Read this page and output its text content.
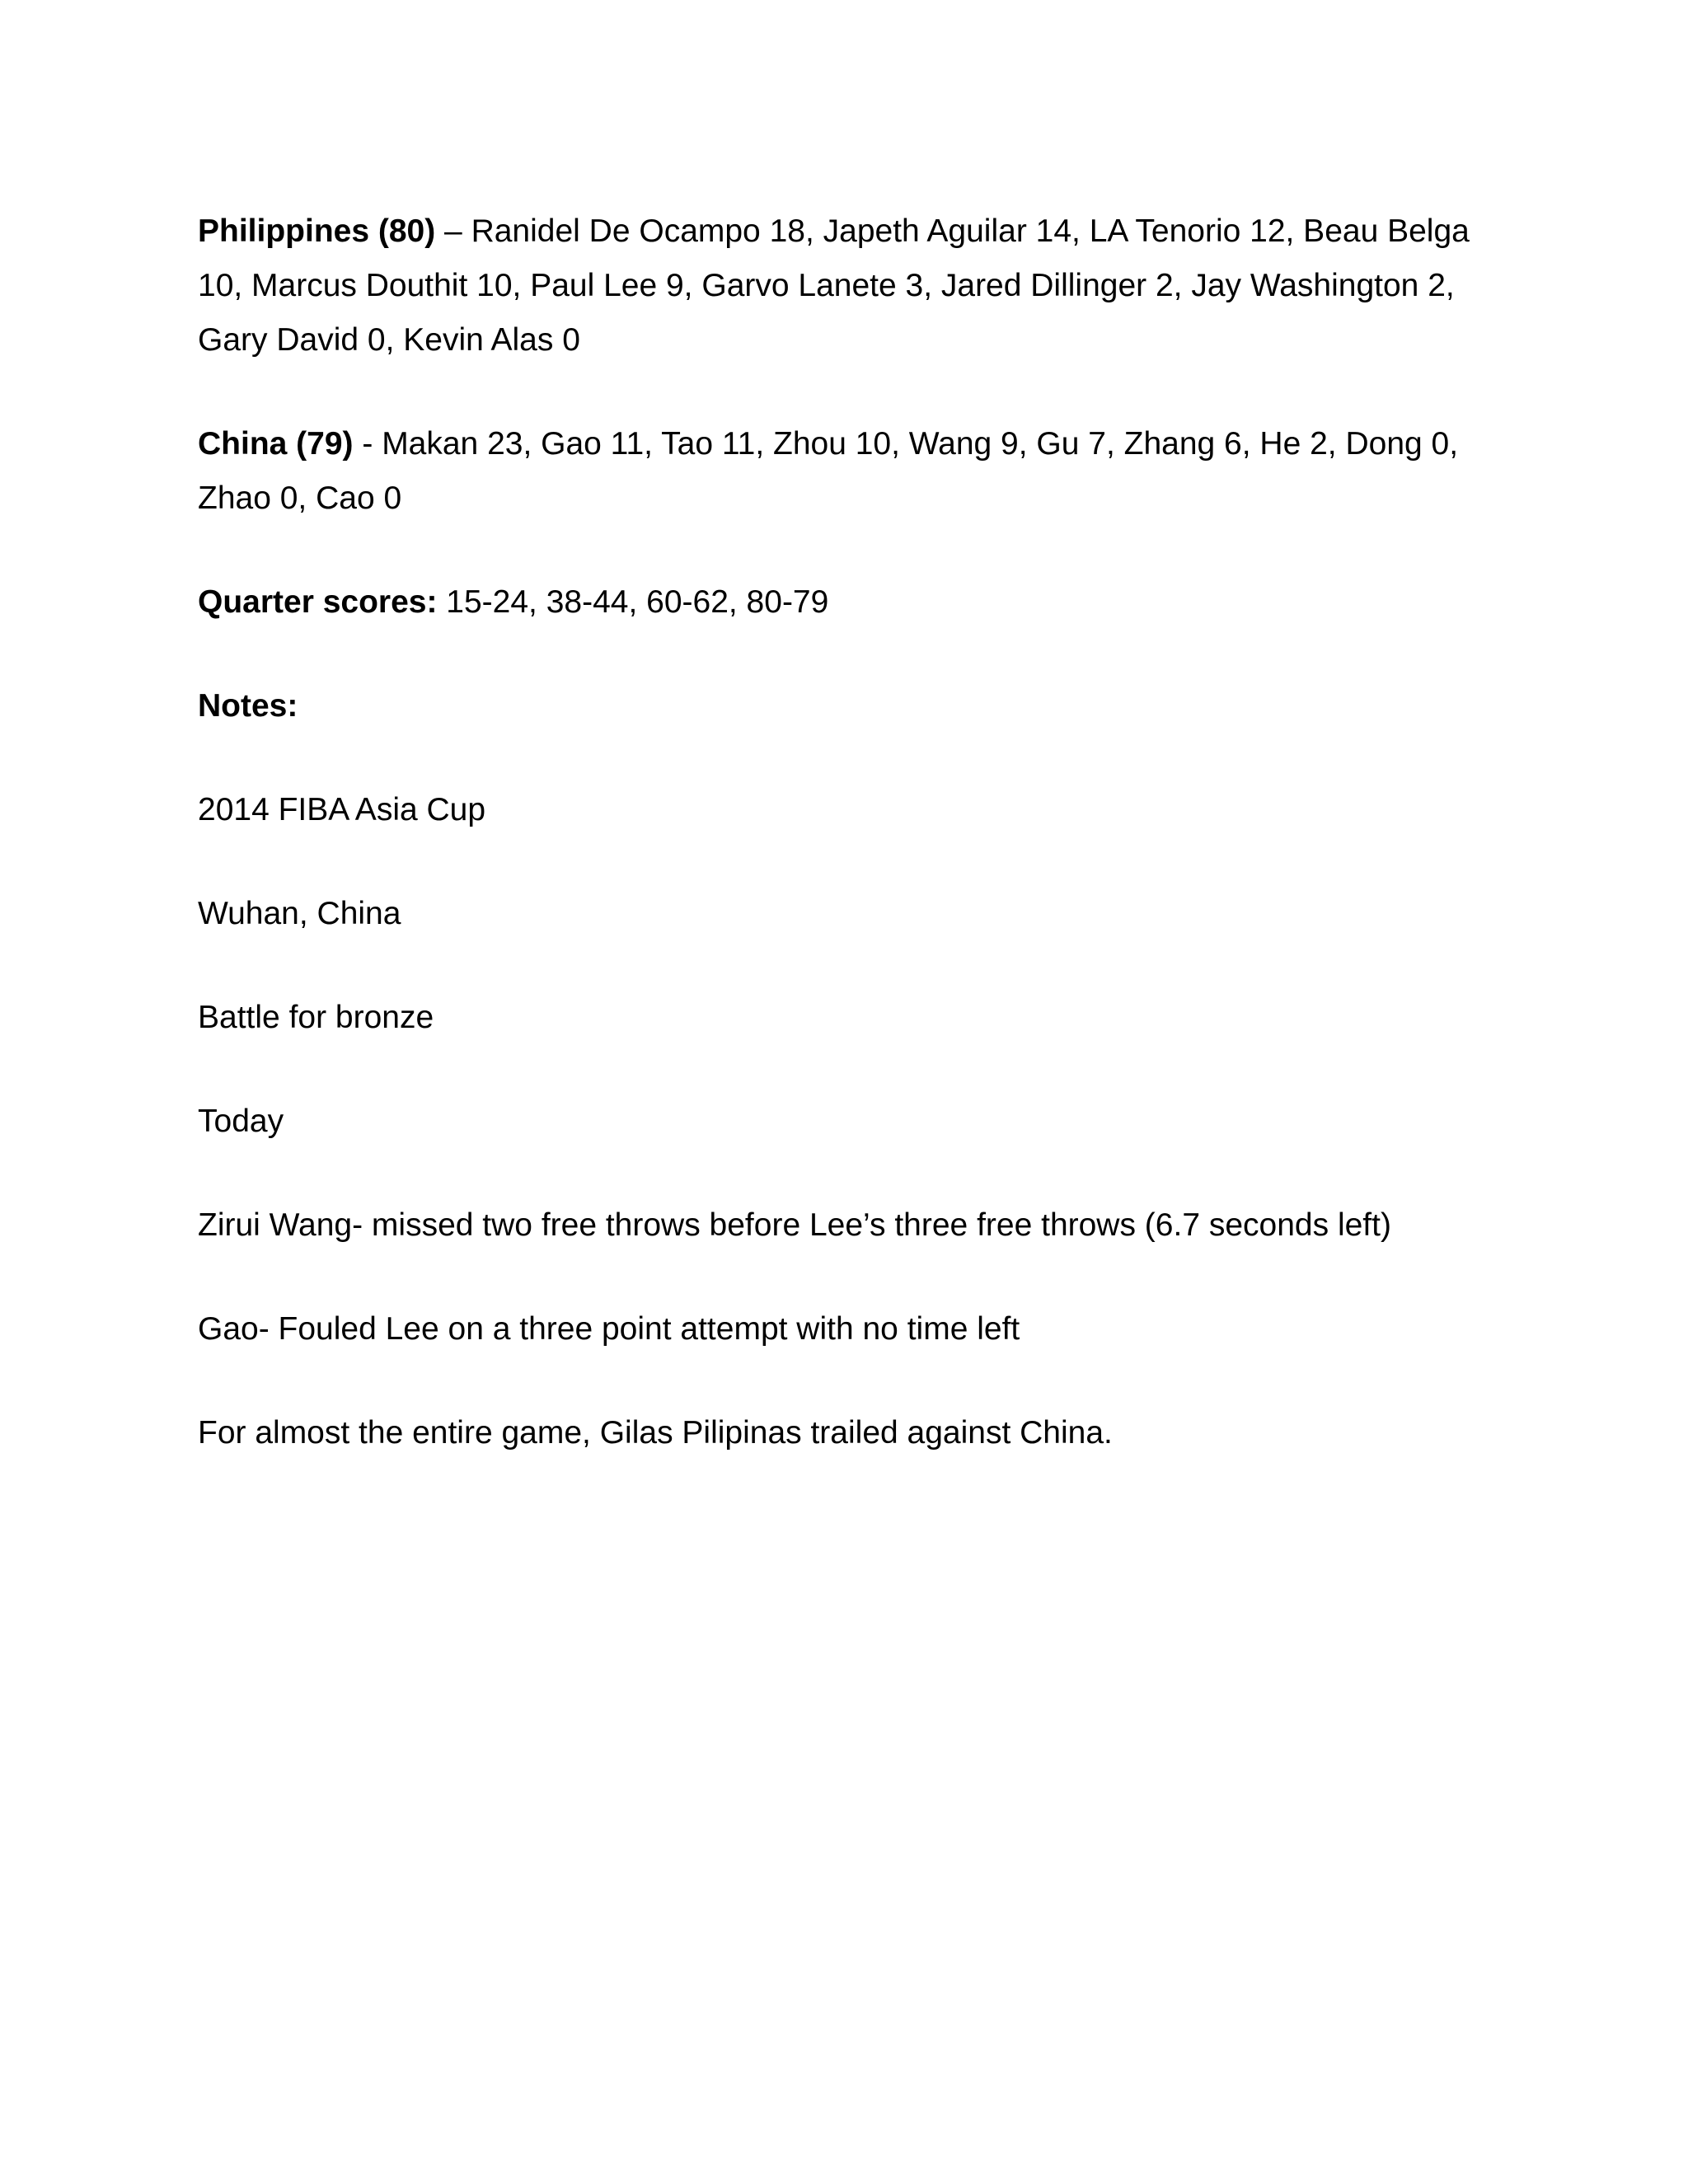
Philippines (80) – Ranidel De Ocampo 18, Japeth Aguilar 14, LA Tenorio 12, Beau Belga 10, Marcus Douthit 10, Paul Lee 9, Garvo Lanete 3, Jared Dillinger 2, Jay Washington 2, Gary David 0, Kevin Alas 0

China (79) - Makan 23, Gao 11, Tao 11, Zhou 10, Wang 9, Gu 7, Zhang 6, He 2, Dong 0, Zhao 0, Cao 0

Quarter scores: 15-24, 38-44, 60-62, 80-79

Notes:

2014 FIBA Asia Cup

Wuhan, China

Battle for bronze

Today

Zirui Wang- missed two free throws before Lee’s three free throws (6.7 seconds left)

Gao- Fouled Lee on a three point attempt with no time left

For almost the entire game, Gilas Pilipinas trailed against China.
